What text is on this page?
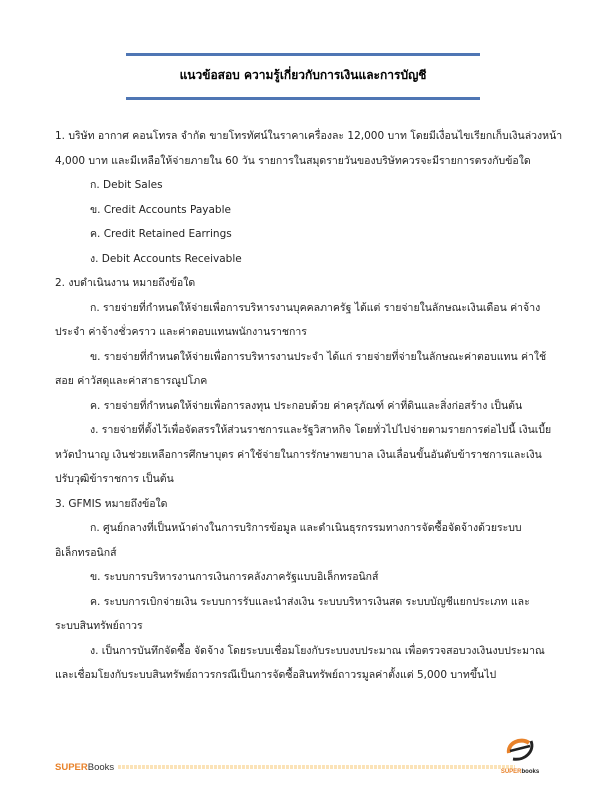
แนวข้อสอบ ความรู้เกี่ยวกับการเงินและการบัญชี
1. บริษัท อากาศ คอนโทรล จำกัด ขายโทรทัศน์ในราคาเครื่องละ 12,000 บาท โดยมีเงื่อนไขเรียกเก็บเงินล่วงหน้า
4,000 บาท และมีเหลือให้จ่ายภายใน 60 วัน รายการในสมุดรายวันของบริษัทควรจะมีรายการตรงกับข้อใด
ก. Debit Sales
ข. Credit Accounts Payable
ค. Credit Retained Earrings
ง. Debit Accounts Receivable
2. งบดำเนินงาน หมายถึงข้อใด
ก. รายจ่ายที่กำหนดให้จ่ายเพื่อการบริหารงานบุคคลภาครัฐ ได้แต่ รายจ่ายในลักษณะเงินเดือน ค่าจ้าง
ประจำ ค่าจ้างชั่วคราว และค่าตอบแทนพนักงานราชการ
ข. รายจ่ายที่กำหนดให้จ่ายเพื่อการบริหารงานประจำ ได้แก่ รายจ่ายที่จ่ายในลักษณะค่าตอบแทน ค่าใช้
สอย ค่าวัสดุและค่าสาธารณูปโภค
ค. รายจ่ายที่กำหนดให้จ่ายเพื่อการลงทุน ประกอบด้วย ค่าครุภัณฑ์ ค่าที่ดินและสิ่งก่อสร้าง เป็นต้น
ง. รายจ่ายที่ตั้งไว้เพื่อจัดสรรให้ส่วนราชการและรัฐวิสาหกิจ โดยทั่วไปไปจ่ายตามรายการต่อไปนี้ เงินเบี้ย
หวัดบำนาญ เงินช่วยเหลือการศึกษาบุตร ค่าใช้จ่ายในการรักษาพยาบาล เงินเลื่อนขั้นอันดับข้าราชการและเงิน
ปรับวุฒิข้าราชการ เป็นต้น
3. GFMIS หมายถึงข้อใด
ก. ศูนย์กลางที่เป็นหน้าต่างในการบริการข้อมูล และดำเนินธุรกรรมทางการจัดซื้อจัดจ้างด้วยระบบ
อิเล็กทรอนิกส์
ข. ระบบการบริหารงานการเงินการคลังภาครัฐแบบอิเล็กทรอนิกส์
ค. ระบบการเบิกจ่ายเงิน ระบบการรับและนำส่งเงิน ระบบบริหารเงินสด ระบบบัญชีแยกประเภท และ
ระบบสินทรัพย์ถาวร
ง. เป็นการบันทึกจัดซื้อ จัดจ้าง โดยระบบเชื่อมโยงกับระบบงบประมาณ เพื่อตรวจสอบวงเงินงบประมาณ
และเชื่อมโยงกับระบบสินทรัพย์ถาวรกรณีเป็นการจัดซื้อสินทรัพย์ถาวรมูลค่าตั้งแต่ 5,000 บาทขึ้นไป
SUPERBooks	SUPERbooks
